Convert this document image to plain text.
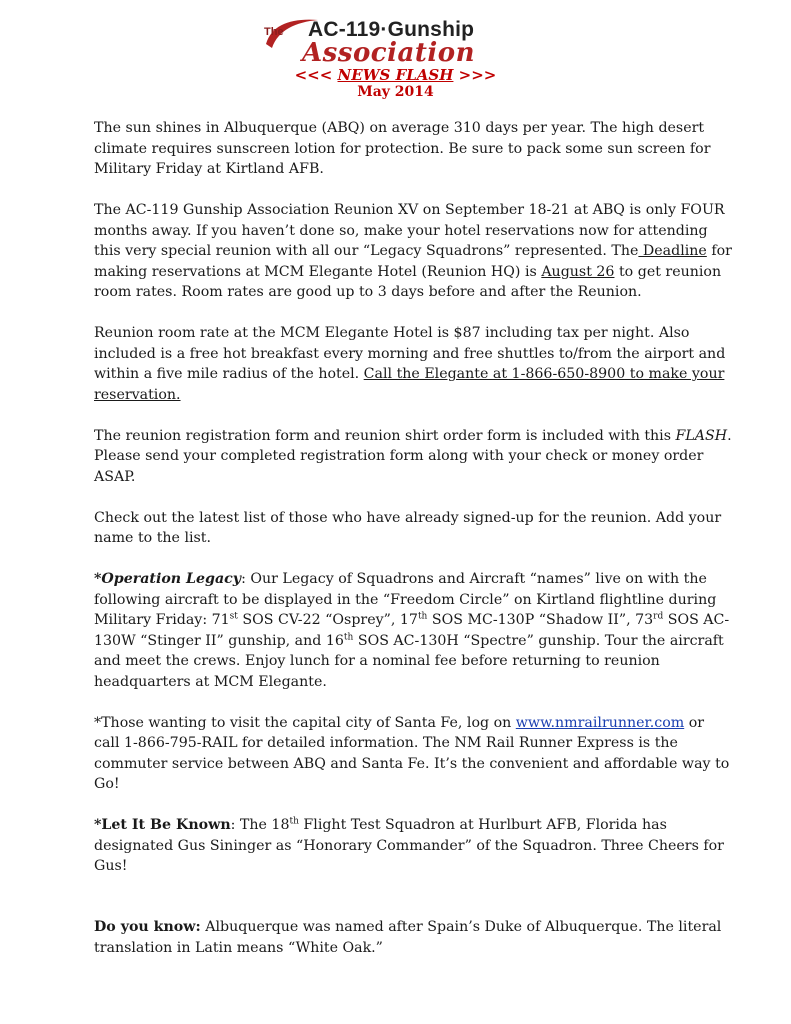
The AC-119·Gunship
Association
<<< NEWS FLASH >>>
May 2014

The sun shines in Albuquerque (ABQ) on average 310 days per year. The high desert climate requires sunscreen lotion for protection. Be sure to pack some sun screen for Military Friday at Kirtland AFB.

The AC-119 Gunship Association Reunion XV on September 18-21 at ABQ is only FOUR months away. If you haven’t done so, make your hotel reservations now for attending this very special reunion with all our “Legacy Squadrons” represented. The Deadline for making reservations at MCM Elegante Hotel (Reunion HQ) is August 26 to get reunion room rates. Room rates are good up to 3 days before and after the Reunion.

Reunion room rate at the MCM Elegante Hotel is $87 including tax per night. Also included is a free hot breakfast every morning and free shuttles to/from the airport and within a five mile radius of the hotel. Call the Elegante at 1-866-650-8900 to make your reservation.

The reunion registration form and reunion shirt order form is included with this FLASH. Please send your completed registration form along with your check or money order ASAP.

Check out the latest list of those who have already signed-up for the reunion. Add your name to the list.

*Operation Legacy: Our Legacy of Squadrons and Aircraft “names” live on with the following aircraft to be displayed in the “Freedom Circle” on Kirtland flightline during Military Friday: 71st SOS CV-22 “Osprey”, 17th SOS MC-130P “Shadow II”, 73rd SOS AC-130W “Stinger II” gunship, and 16th SOS AC-130H “Spectre” gunship. Tour the aircraft and meet the crews. Enjoy lunch for a nominal fee before returning to reunion headquarters at MCM Elegante.

*Those wanting to visit the capital city of Santa Fe, log on www.nmrailrunner.com or call 1-866-795-RAIL for detailed information. The NM Rail Runner Express is the commuter service between ABQ and Santa Fe. It’s the convenient and affordable way to Go!

*Let It Be Known: The 18th Flight Test Squadron at Hurlburt AFB, Florida has designated Gus Sininger as “Honorary Commander” of the Squadron. Three Cheers for Gus!

Do you know: Albuquerque was named after Spain’s Duke of Albuquerque. The literal translation in Latin means “White Oak.”
